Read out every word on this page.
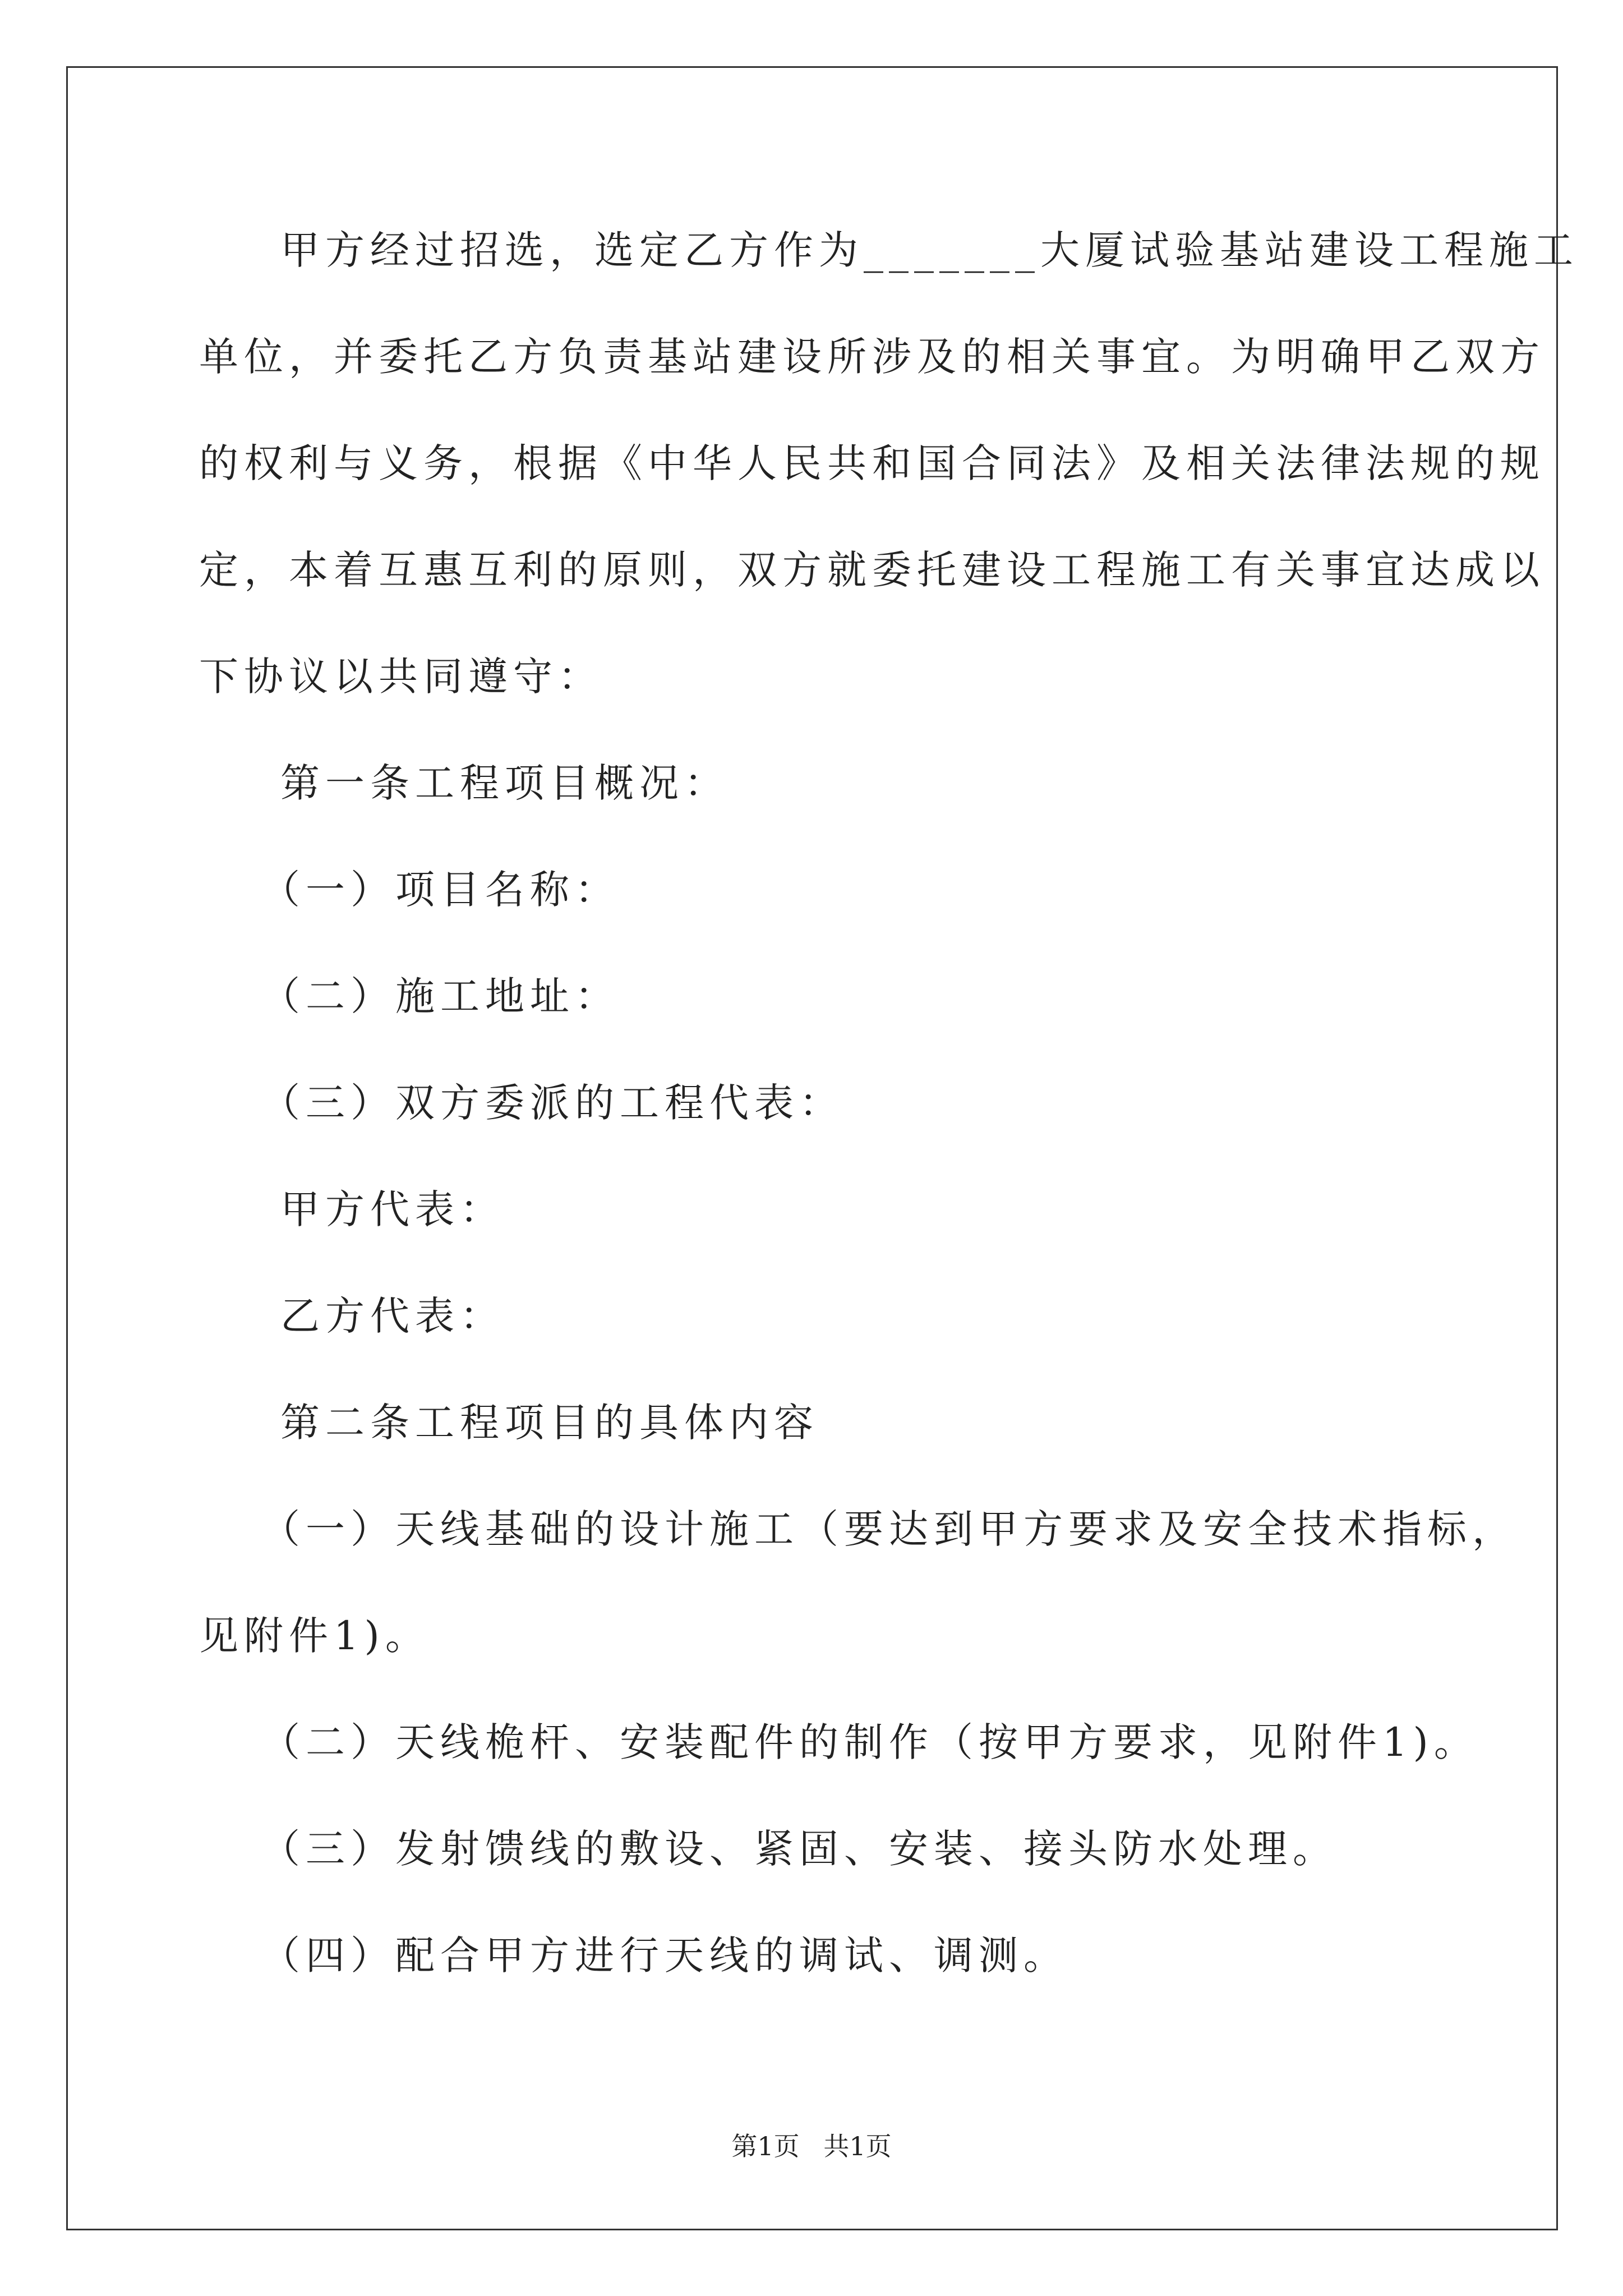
甲方经过招选，选定乙方作为_______大厦试验基站建设工程施工
单位，并委托乙方负责基站建设所涉及的相关事宜。为明确甲乙双方
的权利与义务，根据《中华人民共和国合同法》及相关法律法规的规
定，本着互惠互利的原则，双方就委托建设工程施工有关事宜达成以
下协议以共同遵守：
第一条工程项目概况：
（一）项目名称：
（二）施工地址：
（三）双方委派的工程代表：
甲方代表：
乙方代表：
第二条工程项目的具体内容
（一）天线基础的设计施工（要达到甲方要求及安全技术指标，
见附件1)。
（二）天线桅杆、安装配件的制作（按甲方要求，见附件1)。
（三）发射馈线的敷设、紧固、安装、接头防水处理。
（四）配合甲方进行天线的调试、调测。
第1页 共1页
